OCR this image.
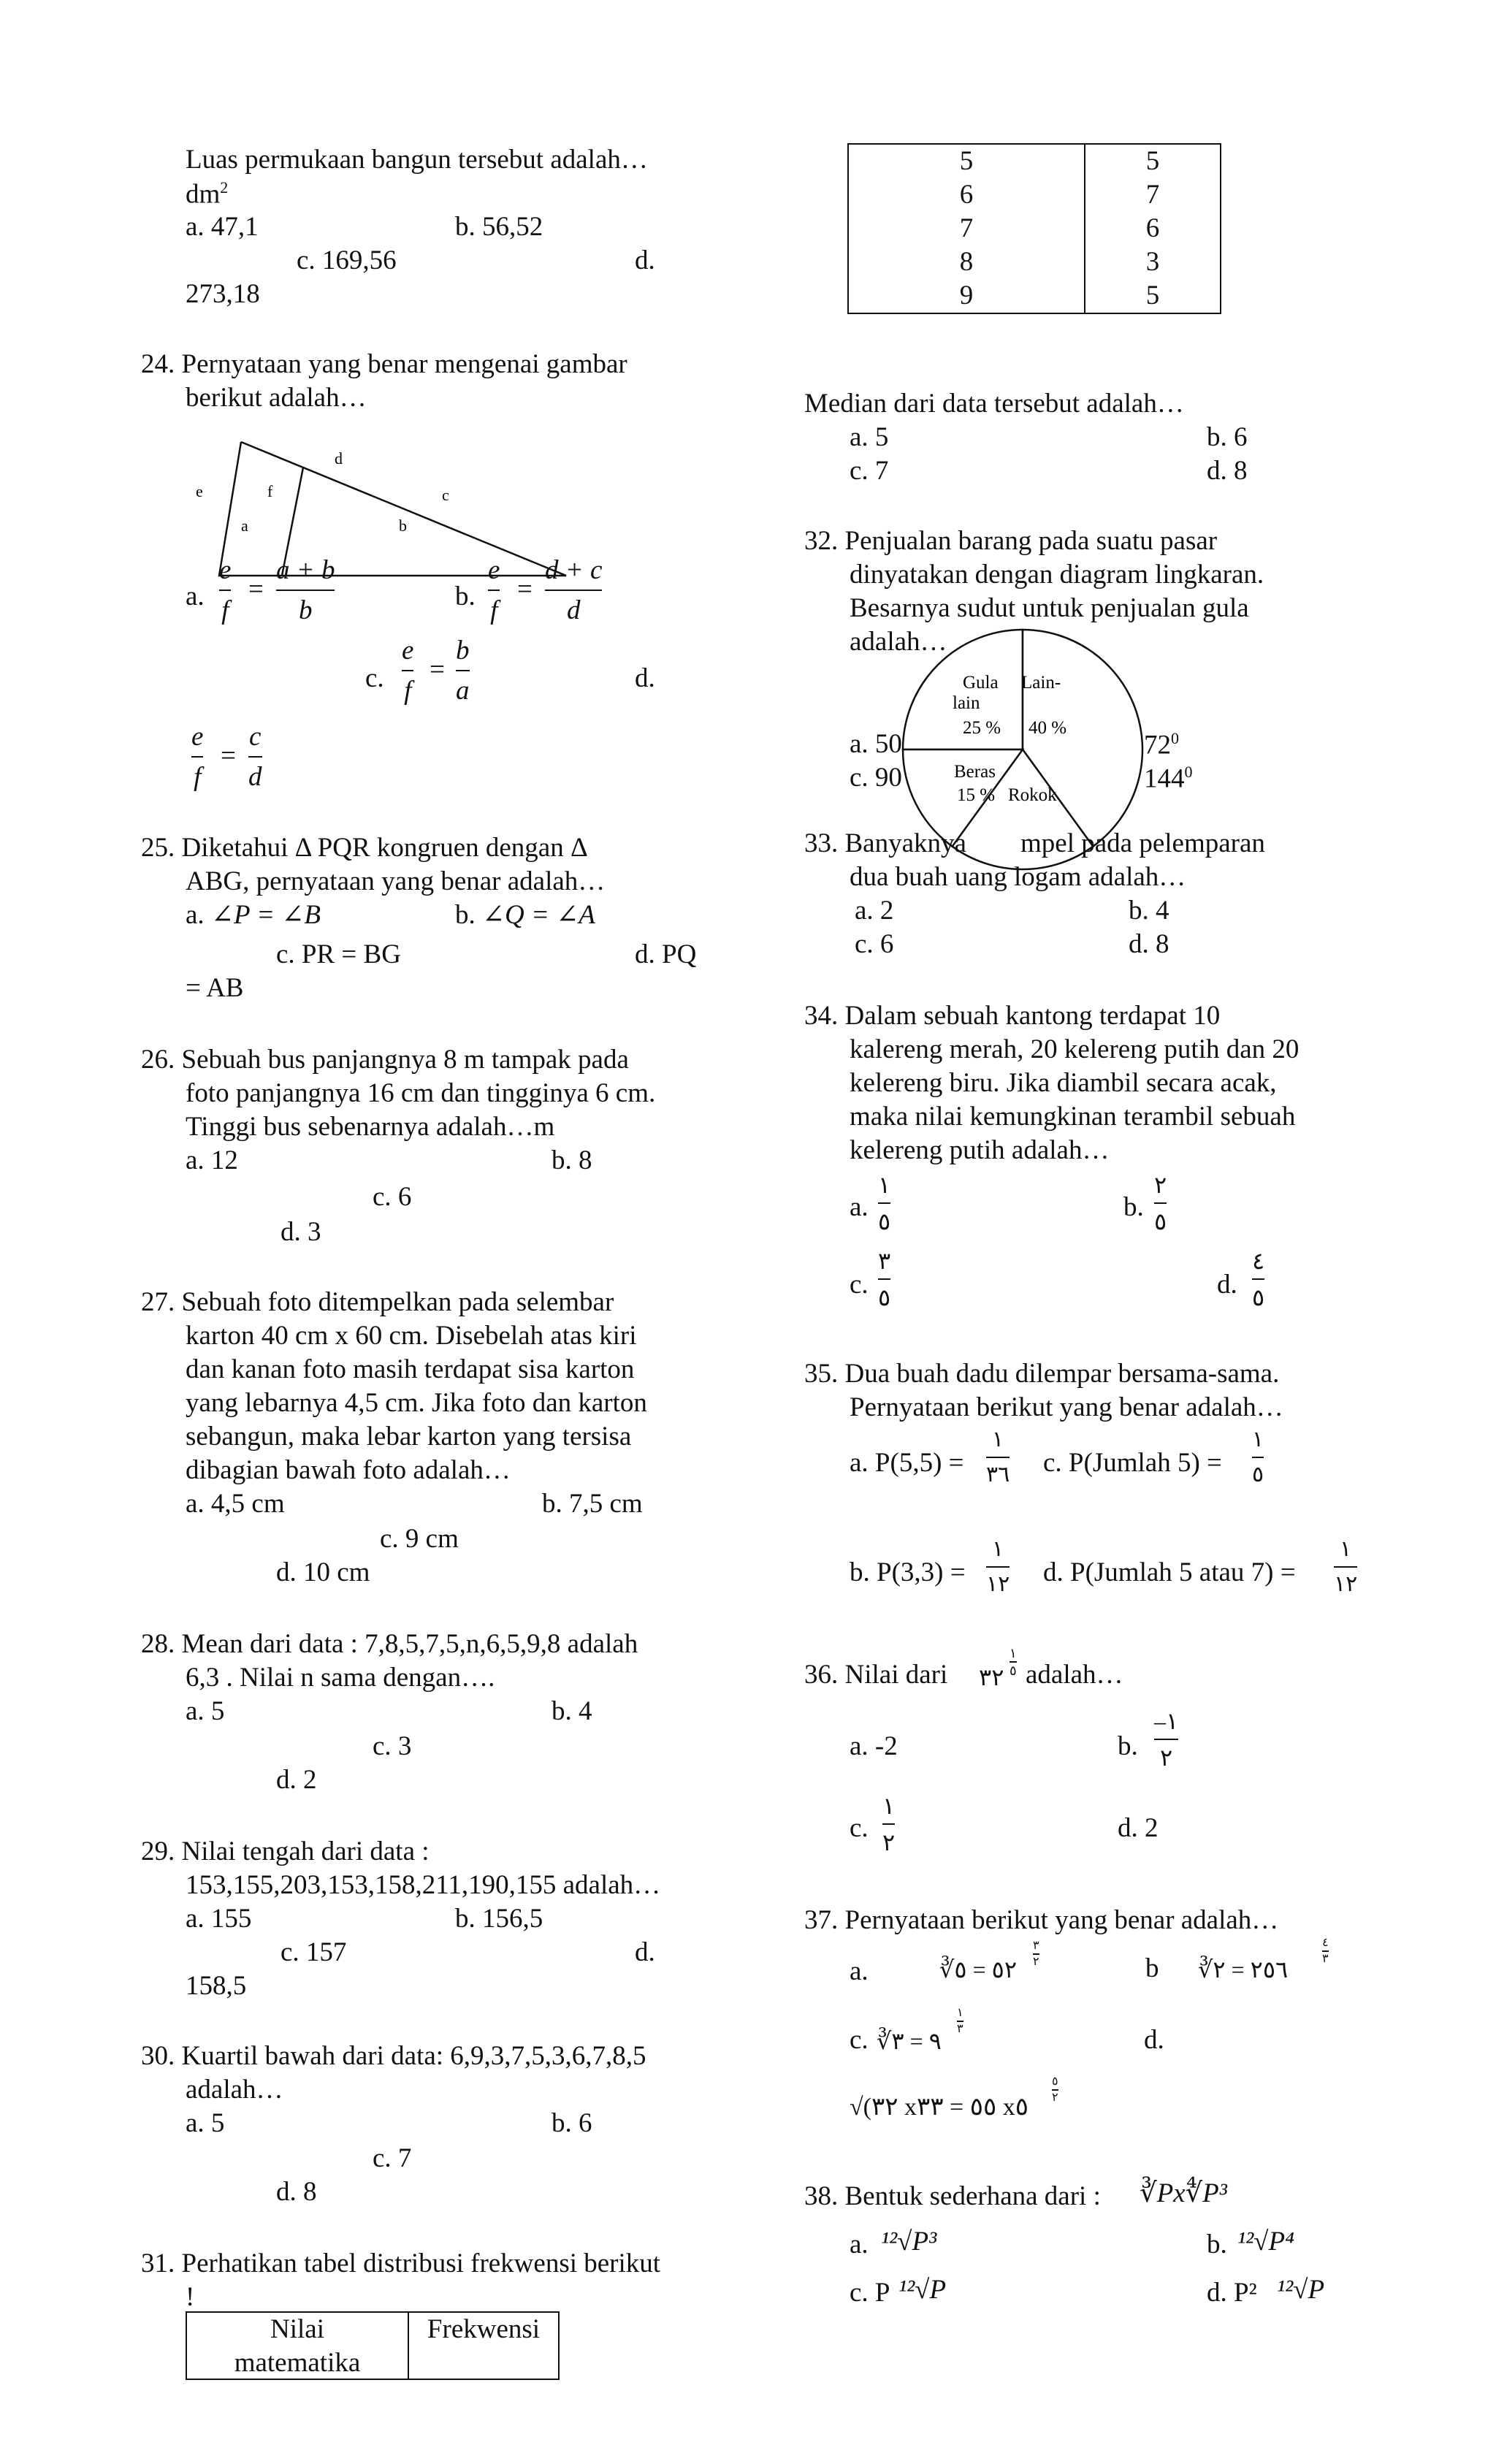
Luas permukaan bangun tersebut adalah…
$dm^2$
a. 47,1	b. 56,52
c. 169,56	d.
273,18
24. Pernyataan yang benar mengenai gambar
berikut adalah…
e	f
d
c
a	b
a.
e
f
=
a + b
b	b.
e
f
=
d + c
d
c.
e
f
=
b
a	d.
e
f
=
c
d
25. Diketahui Δ PQR kongruen dengan Δ
ABG, pernyataan yang benar adalah…
a. ∠P = ∠B	b. ∠Q = ∠A
c. PR = BG	d. PQ
= AB
26. Sebuah bus panjangnya 8 m tampak pada
foto panjangnya 16 cm dan tingginya 6 cm.
Tinggi bus sebenarnya adalah…m
a. 12	b. 8
c. 6
d. 3
27. Sebuah foto ditempelkan pada selembar
karton 40 cm x 60 cm. Disebelah atas kiri
dan kanan foto masih terdapat sisa karton
yang lebarnya 4,5 cm. Jika foto dan karton
sebangun, maka lebar karton yang tersisa
dibagian bawah foto adalah…
a. 4,5 cm	b. 7,5 cm
c. 9 cm
d. 10 cm
28. Mean dari data : 7,8,5,7,5,n,6,5,9,8 adalah
6,3 . Nilai n sama dengan….
a. 5	b. 4
c. 3
d. 2
29. Nilai tengah dari data :
153,155,203,153,158,211,190,155 adalah…
a. 155	b. 156,5
c. 157	d.
158,5
30. Kuartil bawah dari data: 6,9,3,7,5,3,6,7,8,5
adalah…
a. 5	b. 6
c. 7
d. 8
31. Perhatikan tabel distribusi frekwensi berikut
!
Nilai
matematika
Frekwensi
5	5
6	7
7	6
8	3
9	5
Median dari data tersebut adalah…
a. 5	b. 6
c. 7	d. 8
32. Penjualan barang pada suatu pasar
dinyatakan dengan diagram lingkaran.
Besarnya sudut untuk penjualan gula
adalah…
a. 50	$72^0$
c. 90	$144^0$
Gula
lain
25 %
Lain-
40 %
Beras
15 % Rokok
33. Banyaknya mpel pada pelemparan
dua buah uang logam adalah…
a. 2	b. 4
c. 6	d. 8
34. Dalam sebuah kantong terdapat 10
kalereng merah, 20 kelereng putih dan 20
kelereng biru. Jika diambil secara acak,
maka nilai kemungkinan terambil sebuah
kelereng putih adalah…
a.
١
٥	b.
٢
٥
c.
٣
٥	d.
٤
٥
35. Dua buah dadu dilempar bersama-sama.
Pernyataan berikut yang benar adalah…
a. P(5,5) =
١
٣٦ c. P(Jumlah 5) =
١
٥
b. P(3,3) =
١
١٢ d. P(Jumlah 5 atau 7) =
١
١٢
36. Nilai dari ٣٢
١
٥ adalah…
a. -2	b.
–١
٢
c.
١
٢	d. 2
37. Pernyataan berikut yang benar adalah…
a.	∛٥٢ = ٥
٣
٢	b ∛٢٥٦ = ٢
٤
٣
c. ∛٩ = ٣
١
٣	d.
√(٣٢ x٥٥ = ٣٣ x٥
٥
٢
38. Bentuk sederhana dari : ∛Px∜P³
a. ¹²√P³	b. ¹²√P⁴
c. P ¹²√P	d. P² ¹²√P
